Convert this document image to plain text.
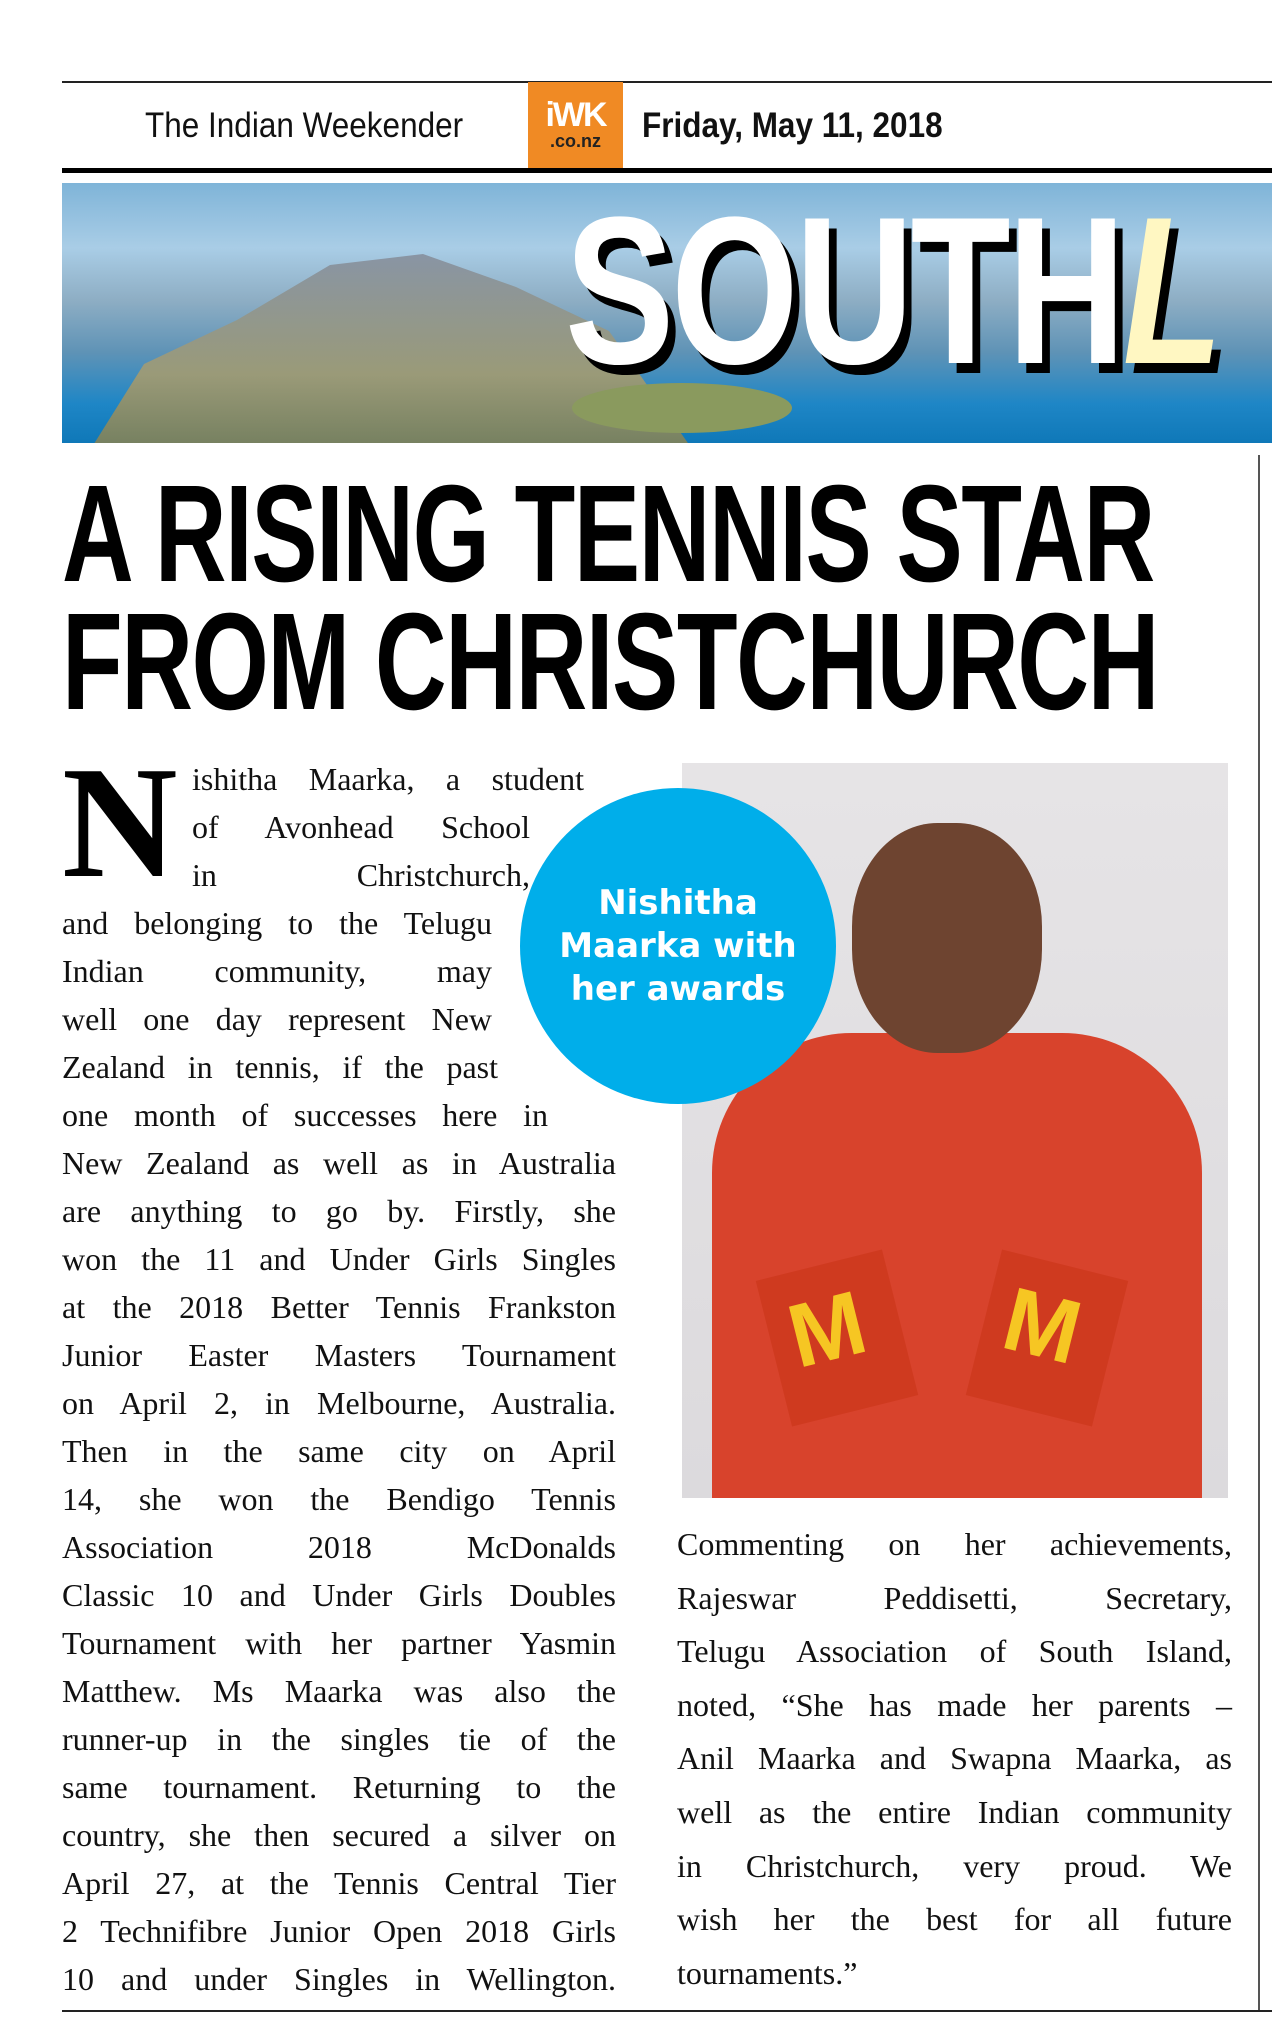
The Indian Weekender	iWK
.co.nz	Friday, May 11, 2018
SOUTHL
A RISING TENNIS STAR
FROM CHRISTCHURCH
N ishitha Maarka, a student
of Avonhead School
in Christchurch,
and belonging to the Telugu
Indian community, may
well one day represent New
Zealand in tennis, if the past
one month of successes here in
New Zealand as well as in Australia
are anything to go by. Firstly, she
won the 11 and Under Girls Singles
at the 2018 Better Tennis Frankston
Junior Easter Masters Tournament
on April 2, in Melbourne, Australia.
Then in the same city on April
14, she won the Bendigo Tennis
Association 2018 McDonalds
Classic 10 and Under Girls Doubles
Tournament with her partner Yasmin
Matthew. Ms Maarka was also the
runner-up in the singles tie of the
same tournament. Returning to the
country, she then secured a silver on
April 27, at the Tennis Central Tier
2 Technifibre Junior Open 2018 Girls
10 and under Singles in Wellington.
M M
Nishitha
Maarka with
her awards
Commenting on her achievements,
Rajeswar Peddisetti, Secretary,
Telugu Association of South Island,
noted, “She has made her parents –
Anil Maarka and Swapna Maarka, as
well as the entire Indian community
in Christchurch, very proud. We
wish her the best for all future
tournaments.”
